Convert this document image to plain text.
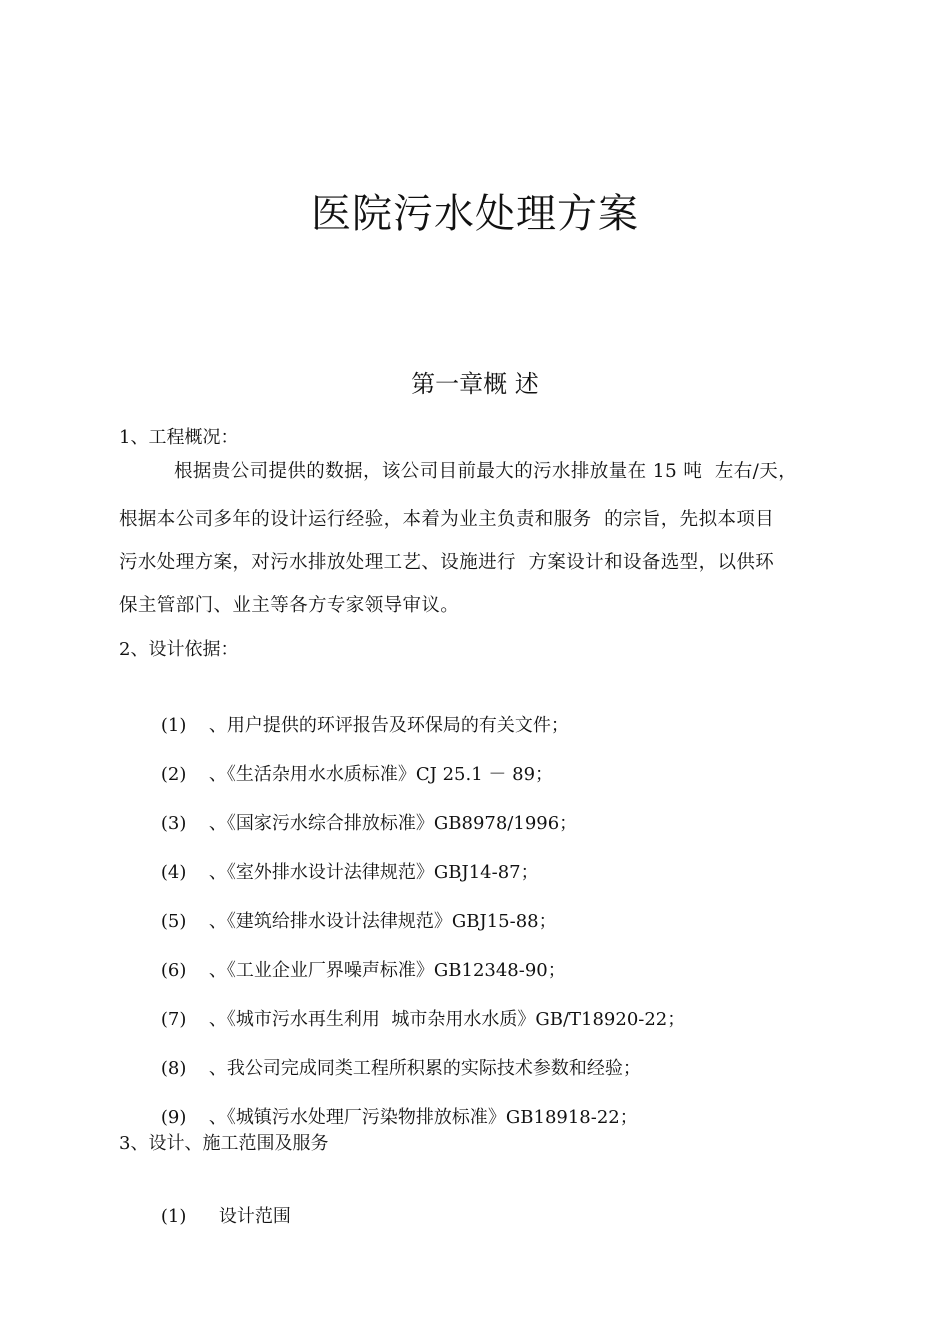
医院污水处理方案
第一章概 述
1、工程概况：
根据贵公司提供的数据，该公司目前最大的污水排放量在 15 吨  左右/天，
根据本公司多年的设计运行经验，本着为业主负责和服务  的宗旨，先拟本项目
污水处理方案，对污水排放处理工艺、设施进行  方案设计和设备选型，以供环
保主管部门、业主等各方专家领导审议。
2、设计依据：

(1) 、用户提供的环评报告及环保局的有关文件；

(2) 、《生活杂用水水质标准》CJ 25.1 － 89；

(3) 、《国家污水综合排放标准》GB8978/1996；

(4) 、《室外排水设计法律规范》GBJ14-87；

(5) 、《建筑给排水设计法律规范》GBJ15-88；

(6) 、《工业企业厂界噪声标准》GB12348-90；

(7) 、《城市污水再生利用  城市杂用水水质》GB/T18920-22；

(8) 、我公司完成同类工程所积累的实际技术参数和经验；

(9) 、《城镇污水处理厂污染物排放标准》GB18918-22；

3、设计、施工范围及服务

(1) 设计范围
